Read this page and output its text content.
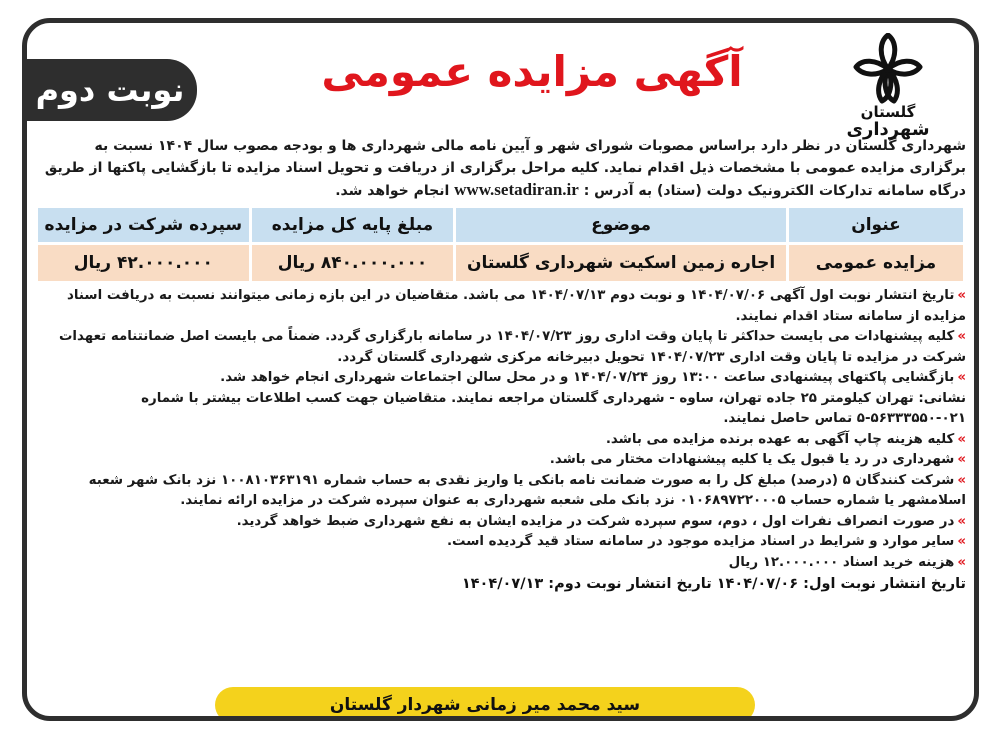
نوبت دوم	آگهی مزایده عمومی
گلستان
شهرداری

شهرداری گلستان در نظر دارد براساس مصوبات شورای شهر و آیین نامه مالی شهرداری ها و بودجه مصوب سال ۱۴۰۴ نسبت به برگزاری مزایده عمومی با مشخصات ذیل اقدام نماید. کلیه مراحل برگزاری از دریافت و تحویل اسناد مزایده تا بازگشایی پاکتها از طریق درگاه سامانه تدارکات الکترونیک دولت (ستاد) به آدرس : www.setadiran.ir انجام خواهد شد.

عنوان	موضوع	مبلغ پایه کل مزایده	سپرده شرکت در مزایده
مزایده عمومی	اجاره زمین اسکیت شهرداری گلستان	۸۴۰.۰۰۰.۰۰۰ ریال	۴۲.۰۰۰.۰۰۰ ریال

»تاریخ انتشار نوبت اول آگهی ۱۴۰۴/۰۷/۰۶ و نوبت دوم ۱۴۰۴/۰۷/۱۳ می باشد. متقاضیان در این بازه زمانی میتوانند نسبت به دریافت اسناد مزایده از سامانه ستاد اقدام نمایند.

»کلیه پیشنهادات می بایست حداکثر تا پایان وقت اداری روز ۱۴۰۴/۰۷/۲۳ در سامانه بارگزاری گردد. ضمناً می بایست اصل ضمانتنامه تعهدات شرکت در مزایده تا پایان وقت اداری ۱۴۰۴/۰۷/۲۳ تحویل دبیرخانه مرکزی شهرداری گلستان گردد.

»بازگشایی پاکتهای پیشنهادی ساعت ۱۳:۰۰ روز ۱۴۰۴/۰۷/۲۴ و در محل سالن اجتماعات شهرداری انجام خواهد شد.

نشانی: تهران کیلومتر ۲۵ جاده تهران، ساوه - شهرداری گلستان مراجعه نمایند. متقاضیان جهت کسب اطلاعات بیشتر با شماره ۰۲۱-۵۶۳۳۳۵۵۰-۵ تماس حاصل نمایند.

»کلیه هزینه چاپ آگهی به عهده برنده مزایده می باشد.

»شهرداری در رد یا قبول یک یا کلیه پیشنهادات مختار می باشد.

»شرکت کنندگان ۵ (درصد) مبلغ کل را به صورت ضمانت نامه بانکی یا واریز نقدی به حساب شماره ۱۰۰۸۱۰۳۶۳۱۹۱ نزد بانک شهر شعبه اسلامشهر یا شماره حساب ۰۱۰۶۸۹۷۲۲۰۰۰۵ نزد بانک ملی شعبه شهرداری به عنوان سپرده شرکت در مزایده ارائه نمایند.

»در صورت انصراف نفرات اول ، دوم، سوم سپرده شرکت در مزایده ایشان به نفع شهرداری ضبط خواهد گردید.

»سایر موارد و شرایط در اسناد مزایده موجود در سامانه ستاد قید گردیده است.

»هزینه خرید اسناد ۱۲.۰۰۰.۰۰۰ ریال

تاریخ انتشار نوبت اول: ۱۴۰۴/۰۷/۰۶ تاریخ انتشار نوبت دوم: ۱۴۰۴/۰۷/۱۳

سید محمد میر زمانی شهردار گلستان
